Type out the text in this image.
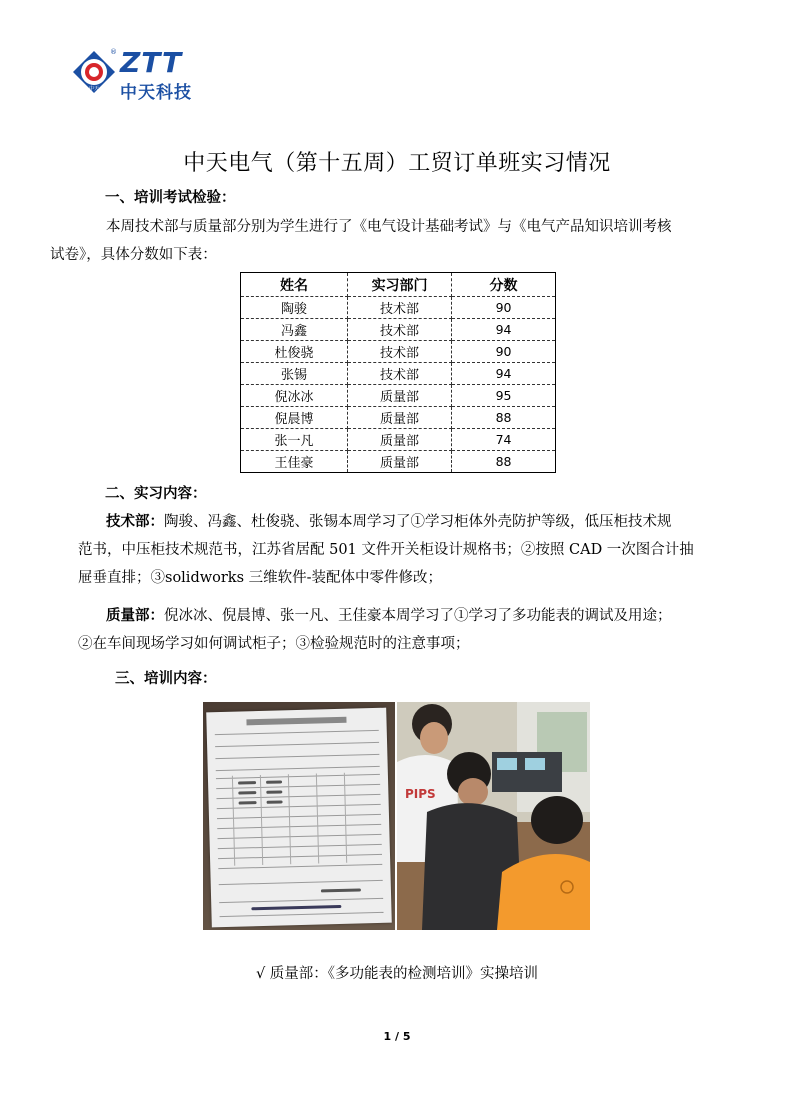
中天
® ZTT
中天科技
中天电气（第十五周）工贸订单班实习情况
一、培训考试检验：
本周技术部与质量部分别为学生进行了《电气设计基础考试》与《电气产品知识培训考核
试卷》，具体分数如下表：
姓名	实习部门	分数
陶骏	技术部	90
冯鑫	技术部	94
杜俊骁	技术部	90
张锡	技术部	94
倪冰冰	质量部	95
倪晨博	质量部	88
张一凡	质量部	74
王佳豪	质量部	88
二、实习内容：
技术部：陶骏、冯鑫、杜俊骁、张锡本周学习了①学习柜体外壳防护等级，低压柜技术规
范书，中压柜技术规范书，江苏省居配 501 文件开关柜设计规格书；②按照 CAD 一次图合计抽
屉垂直排；③solidworks 三维软件-装配体中零件修改；
质量部：倪冰冰、倪晨博、张一凡、王佳豪本周学习了①学习了多功能表的调试及用途；
②在车间现场学习如何调试柜子；③检验规范时的注意事项；
三、培训内容：
PIPS
√ 质量部：《多功能表的检测培训》实操培训
1 / 5
